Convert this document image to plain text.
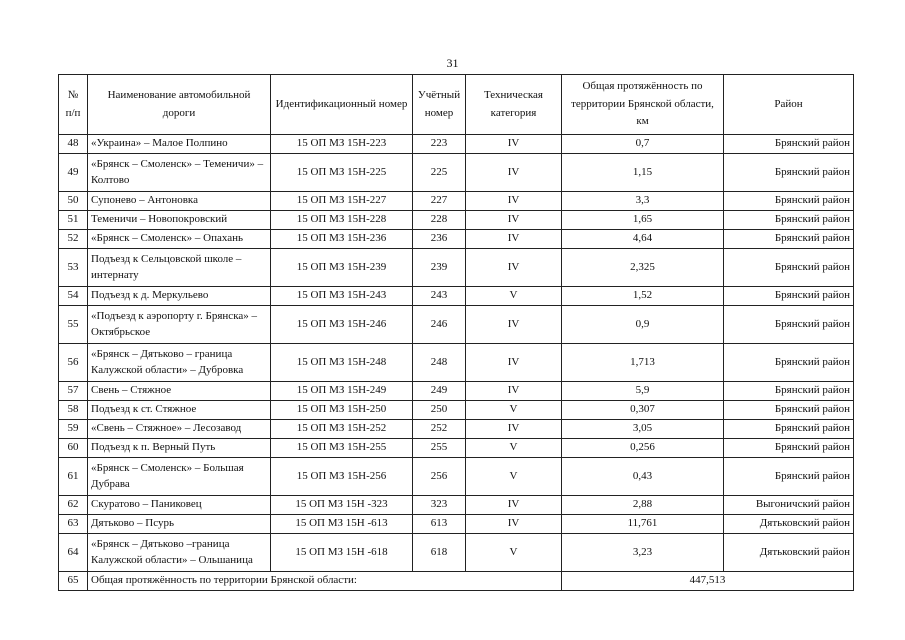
31
№ п/п	Наименование автомобильной дороги	Идентификационный номер	Учётный номер	Техническая категория	Общая протяжённость по территории Брянской области, км	Район
48	«Украина» – Малое Полпино	15 ОП МЗ 15Н-223	223	IV	0,7	Брянский район
49	«Брянск – Смоленск» – Теменичи» – Колтово	15 ОП МЗ 15Н-225	225	IV	1,15	Брянский район
50	Супонево – Антоновка	15 ОП МЗ 15Н-227	227	IV	3,3	Брянский район
51	Теменичи – Новопокровский	15 ОП МЗ 15Н-228	228	IV	1,65	Брянский район
52	«Брянск – Смоленск» – Опахань	15 ОП МЗ 15Н-236	236	IV	4,64	Брянский район
53	Подъезд к Сельцовской школе – интернату	15 ОП МЗ 15Н-239	239	IV	2,325	Брянский район
54	Подъезд к д. Меркульево	15 ОП МЗ 15Н-243	243	V	1,52	Брянский район
55	«Подъезд к аэропорту г. Брянска» – Октябрьское	15 ОП МЗ 15Н-246	246	IV	0,9	Брянский район
56	«Брянск – Дятьково – граница Калужской области» – Дубровка	15 ОП МЗ 15Н-248	248	IV	1,713	Брянский район
57	Свень – Стяжное	15 ОП МЗ 15Н-249	249	IV	5,9	Брянский район
58	Подъезд к ст. Стяжное	15 ОП МЗ 15Н-250	250	V	0,307	Брянский район
59	«Свень – Стяжное» – Лесозавод	15 ОП МЗ 15Н-252	252	IV	3,05	Брянский район
60	Подъезд к п. Верный Путь	15 ОП МЗ 15Н-255	255	V	0,256	Брянский район
61	«Брянск – Смоленск» – Большая Дубрава	15 ОП МЗ 15Н-256	256	V	0,43	Брянский район
62	Скуратово – Паниковец	15 ОП МЗ 15Н -323	323	IV	2,88	Выгоничский район
63	Дятьково – Псурь	15 ОП МЗ 15Н -613	613	IV	11,761	Дятьковский район
64	«Брянск – Дятьково –граница Калужской области» – Ольшаница	15 ОП МЗ 15Н -618	618	V	3,23	Дятьковский район
65	Общая протяжённость по территории Брянской области:				447,513	
